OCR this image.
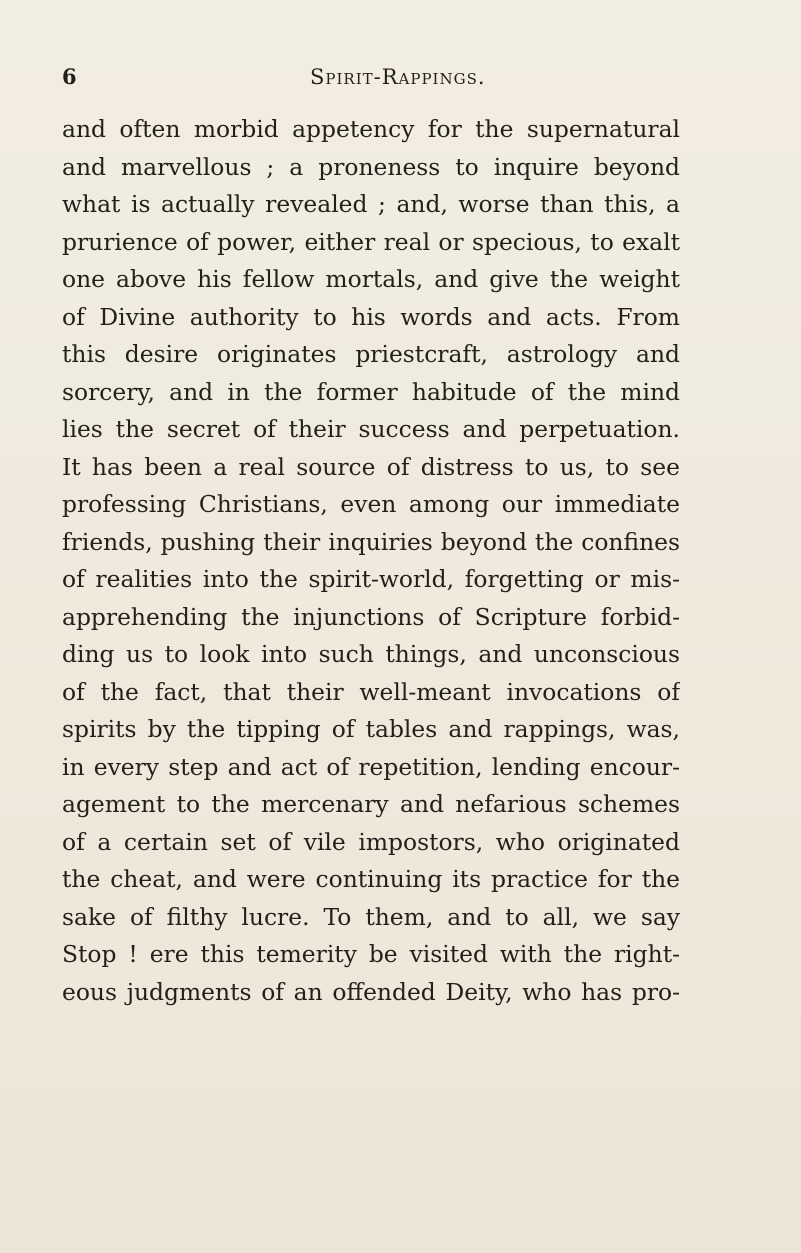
6	Spirit-Rappings.
and often morbid appetency for the supernatural
and marvellous ; a proneness to inquire beyond
what is actually revealed ; and, worse than this, a
prurience of power, either real or specious, to exalt
one above his fellow mortals, and give the weight
of Divine authority to his words and acts. From
this desire originates priestcraft, astrology and
sorcery, and in the former habitude of the mind
lies the secret of their success and perpetuation.
It has been a real source of distress to us, to see
professing Christians, even among our immediate
friends, pushing their inquiries beyond the confines
of realities into the spirit-world, forgetting or mis-
apprehending the injunctions of Scripture forbid-
ding us to look into such things, and unconscious
of the fact, that their well-meant invocations of
spirits by the tipping of tables and rappings, was,
in every step and act of repetition, lending encour-
agement to the mercenary and nefarious schemes
of a certain set of vile impostors, who originated
the cheat, and were continuing its practice for the
sake of filthy lucre. To them, and to all, we say
Stop ! ere this temerity be visited with the right-
eous judgments of an offended Deity, who has pro-
